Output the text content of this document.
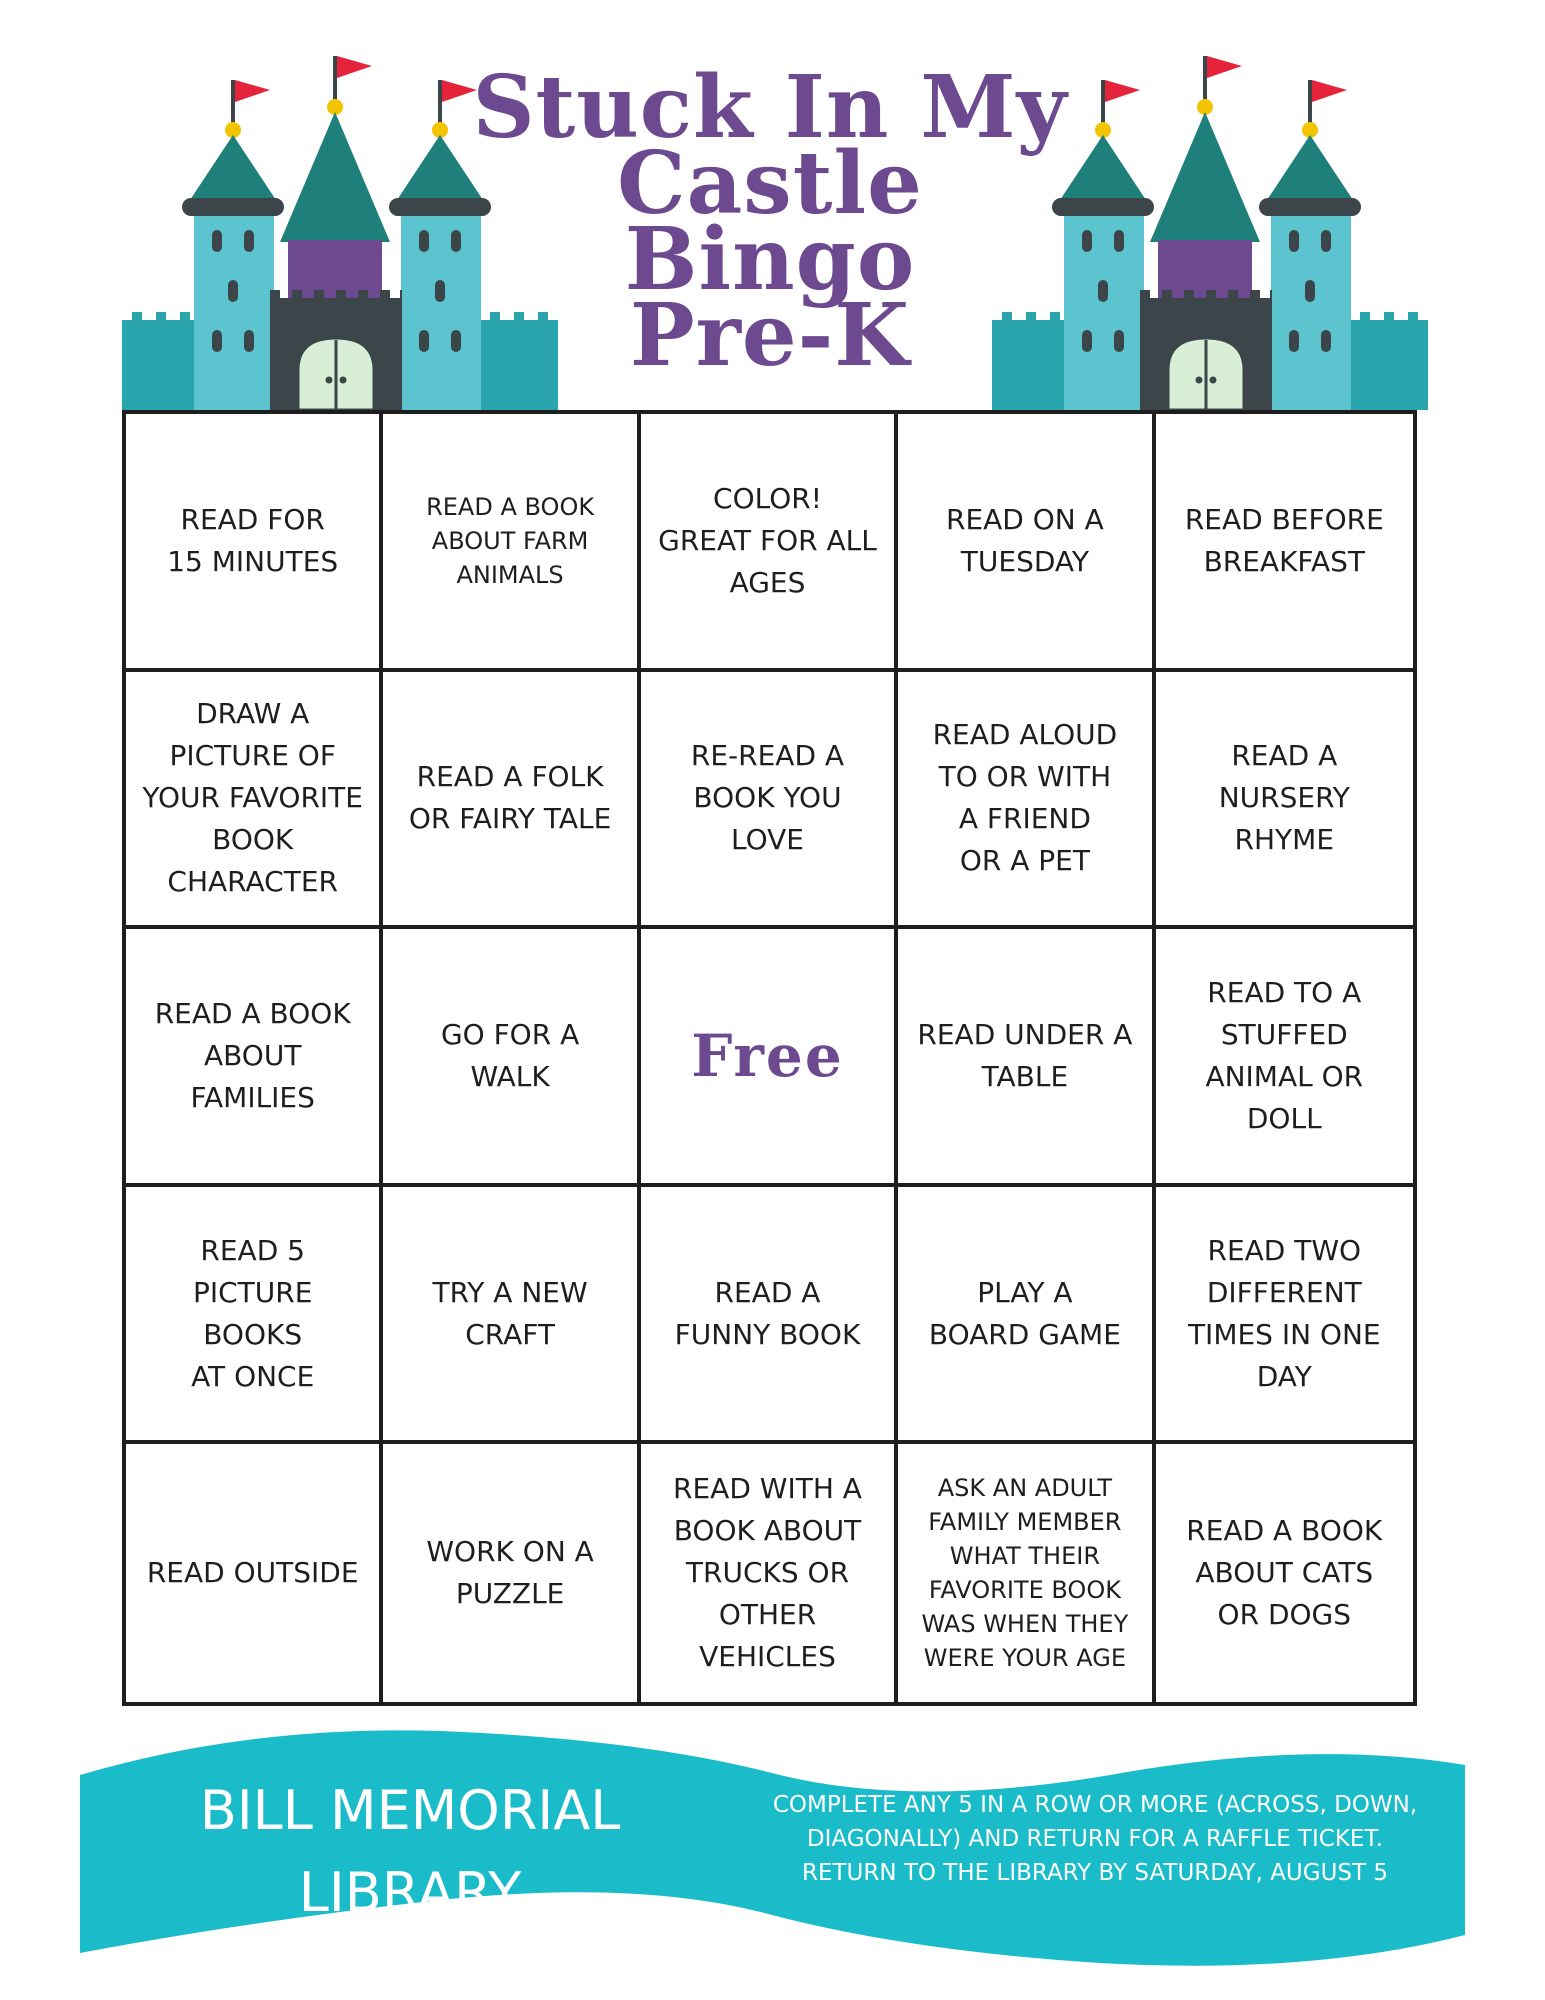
Stuck In My
Castle
Bingo
Pre-K
READ FOR
15 MINUTES
READ A BOOK
ABOUT FARM
ANIMALS
COLOR!
GREAT FOR ALL
AGES
READ ON A
TUESDAY
READ BEFORE
BREAKFAST
DRAW A
PICTURE OF
YOUR FAVORITE
BOOK
CHARACTER
READ A FOLK
OR FAIRY TALE
RE-READ A
BOOK YOU
LOVE
READ ALOUD
TO OR WITH
A FRIEND
OR A PET
READ A
NURSERY
RHYME
READ A BOOK
ABOUT
FAMILIES
GO FOR A
WALK	Free	READ UNDER A
TABLE
READ TO A
STUFFED
ANIMAL OR
DOLL
READ 5
PICTURE BOOKS
AT ONCE
TRY A NEW
CRAFT
READ A
FUNNY BOOK
PLAY A
BOARD GAME
READ TWO
DIFFERENT
TIMES IN ONE
DAY
READ OUTSIDE
WORK ON A
PUZZLE
READ WITH A
BOOK ABOUT
TRUCKS OR
OTHER
VEHICLES
ASK AN ADULT
FAMILY MEMBER
WHAT THEIR
FAVORITE BOOK
WAS WHEN THEY
WERE YOUR AGE
READ A BOOK
ABOUT CATS
OR DOGS
BILL MEMORIAL
LIBRARY
COMPLETE ANY 5 IN A ROW OR MORE (ACROSS, DOWN,
DIAGONALLY) AND RETURN FOR A RAFFLE TICKET.
RETURN TO THE LIBRARY BY SATURDAY, AUGUST 5
